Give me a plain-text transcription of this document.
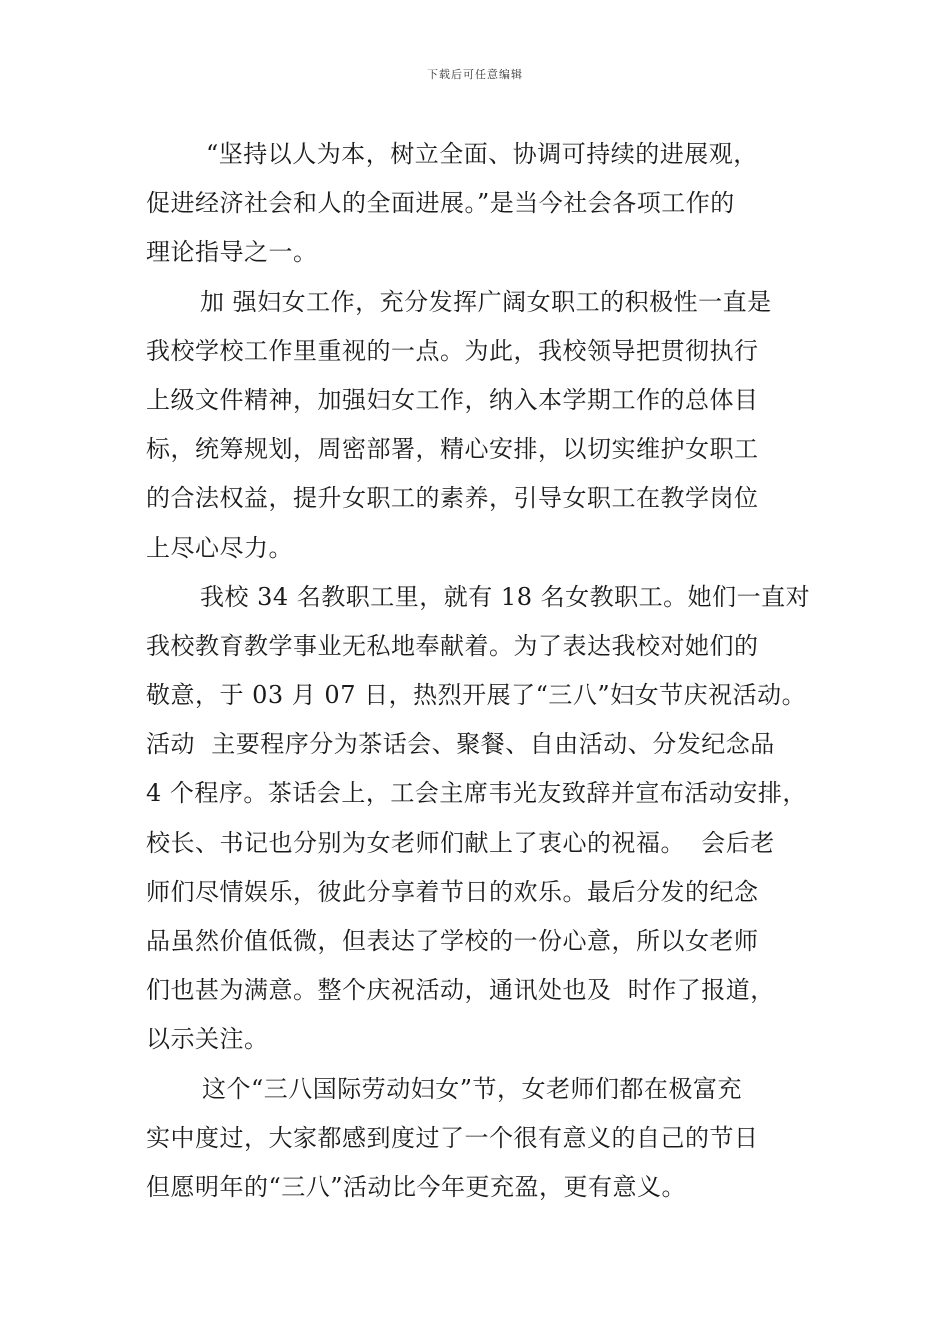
下载后可任意编辑
“坚持以人为本，树立全面、协调可持续的进展观，
促进经济社会和人的全面进展。”是当今社会各项工作的
理论指导之一。
加 强妇女工作，充分发挥广阔女职工的积极性一直是
我校学校工作里重视的一点。为此，我校领导把贯彻执行
上级文件精神，加强妇女工作，纳入本学期工作的总体目
标，统筹规划，周密部署，精心安排，以切实维护女职工
的合法权益，提升女职工的素养，引导女职工在教学岗位
上尽心尽力。
我校 34 名教职工里，就有 18 名女教职工。她们一直对
我校教育教学事业无私地奉献着。为了表达我校对她们的
敬意，于 03 月 07 日，热烈开展了“三八”妇女节庆祝活动。
活动  主要程序分为茶话会、聚餐、自由活动、分发纪念品
4 个程序。茶话会上，工会主席韦光友致辞并宣布活动安排，
校长、书记也分别为女老师们献上了衷心的祝福。  会后老
师们尽情娱乐，彼此分享着节日的欢乐。最后分发的纪念
品虽然价值低微，但表达了学校的一份心意，所以女老师
们也甚为满意。整个庆祝活动，通讯处也及  时作了报道，
以示关注。
这个“三八国际劳动妇女”节，女老师们都在极富充
实中度过，大家都感到度过了一个很有意义的自己的节日
但愿明年的“三八”活动比今年更充盈，更有意义。
